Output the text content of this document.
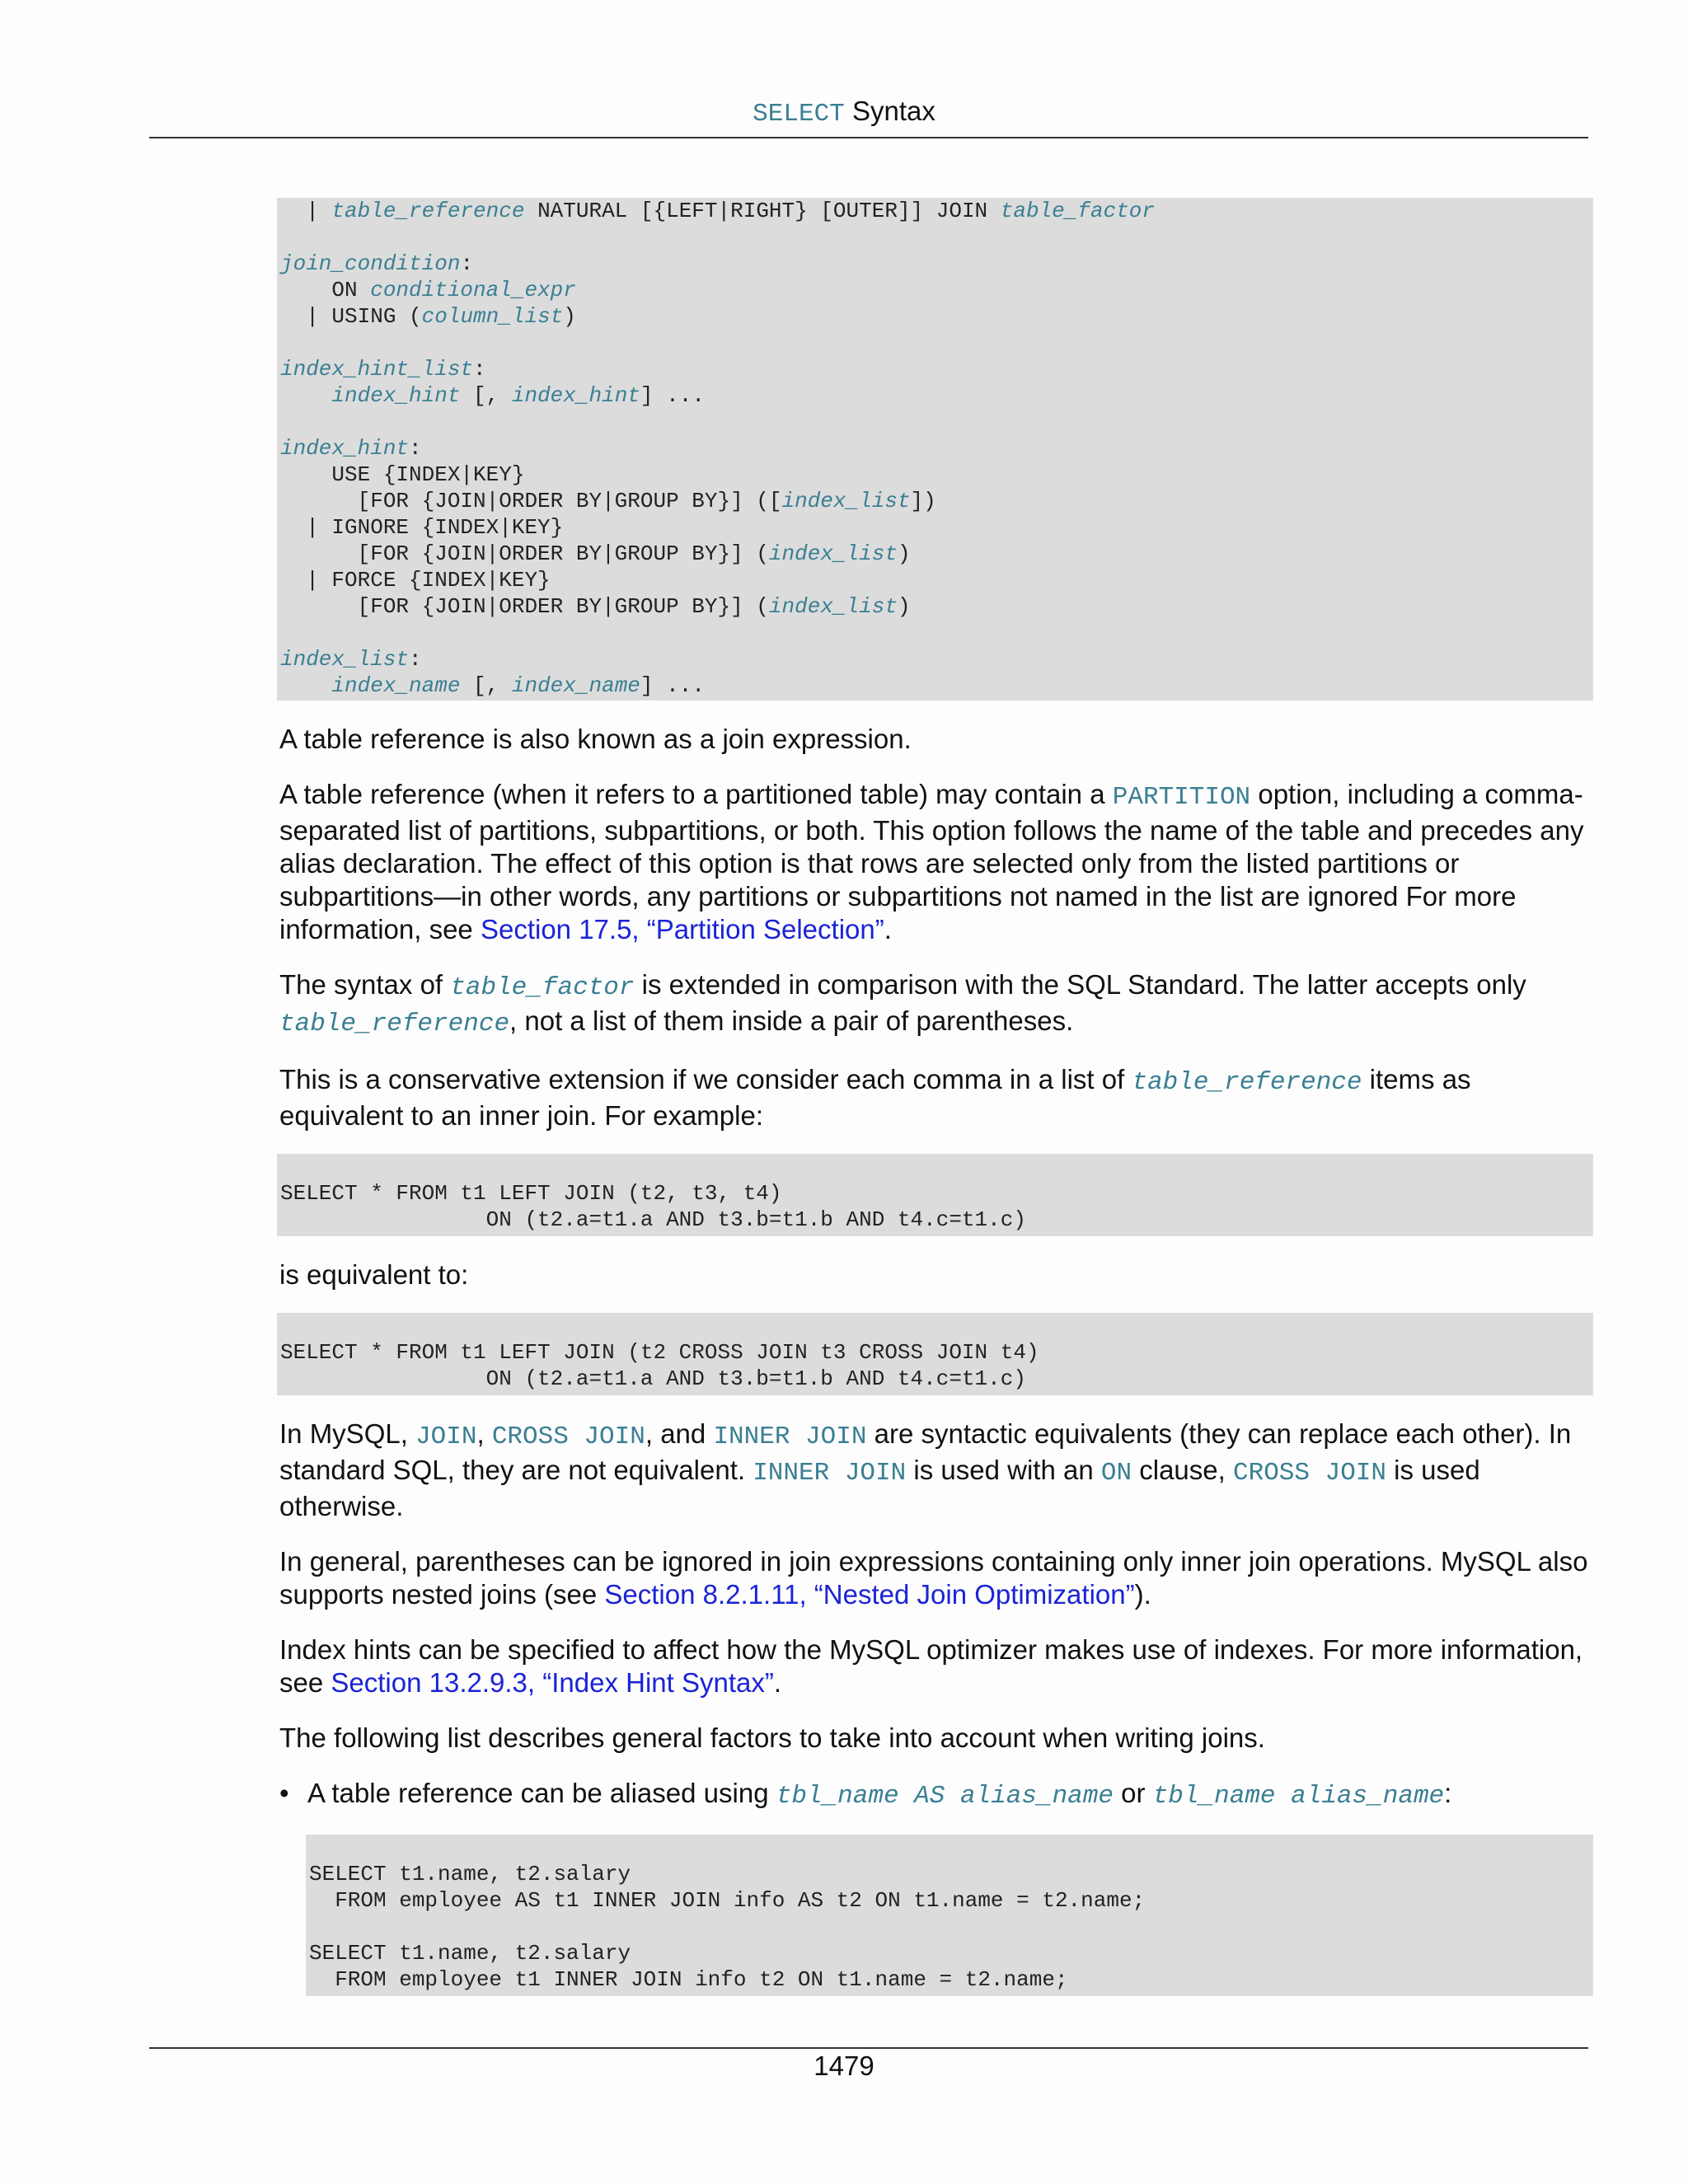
SELECT Syntax
| table_reference NATURAL [{LEFT|RIGHT} [OUTER]] JOIN table_factor
join_condition:
ON conditional_expr
| USING (column_list)
index_hint_list:
index_hint [, index_hint] ...
index_hint:
USE {INDEX|KEY}
[FOR {JOIN|ORDER BY|GROUP BY}] ([index_list])
| IGNORE {INDEX|KEY}
[FOR {JOIN|ORDER BY|GROUP BY}] (index_list)
| FORCE {INDEX|KEY}
[FOR {JOIN|ORDER BY|GROUP BY}] (index_list)
index_list:
index_name [, index_name] ...

A table reference is also known as a join expression.

A table reference (when it refers to a partitioned table) may contain a PARTITION option, including a comma-separated list of partitions, subpartitions, or both. This option follows the name of the table and precedes any alias declaration. The effect of this option is that rows are selected only from the listed partitions or subpartitions—in other words, any partitions or subpartitions not named in the list are ignored For more information, see Section 17.5, “Partition Selection”.

The syntax of table_factor is extended in comparison with the SQL Standard. The latter accepts only table_reference, not a list of them inside a pair of parentheses.

This is a conservative extension if we consider each comma in a list of table_reference items as equivalent to an inner join. For example:

SELECT * FROM t1 LEFT JOIN (t2, t3, t4)
ON (t2.a=t1.a AND t3.b=t1.b AND t4.c=t1.c)

is equivalent to:

SELECT * FROM t1 LEFT JOIN (t2 CROSS JOIN t3 CROSS JOIN t4)
ON (t2.a=t1.a AND t3.b=t1.b AND t4.c=t1.c)

In MySQL, JOIN, CROSS JOIN, and INNER JOIN are syntactic equivalents (they can replace each other). In standard SQL, they are not equivalent. INNER JOIN is used with an ON clause, CROSS JOIN is used otherwise.

In general, parentheses can be ignored in join expressions containing only inner join operations. MySQL also supports nested joins (see Section 8.2.1.11, “Nested Join Optimization”).

Index hints can be specified to affect how the MySQL optimizer makes use of indexes. For more information, see Section 13.2.9.3, “Index Hint Syntax”.

The following list describes general factors to take into account when writing joins.

• A table reference can be aliased using tbl_name AS alias_name or tbl_name alias_name:

SELECT t1.name, t2.salary
FROM employee AS t1 INNER JOIN info AS t2 ON t1.name = t2.name;
SELECT t1.name, t2.salary
FROM employee t1 INNER JOIN info t2 ON t1.name = t2.name;
1479
